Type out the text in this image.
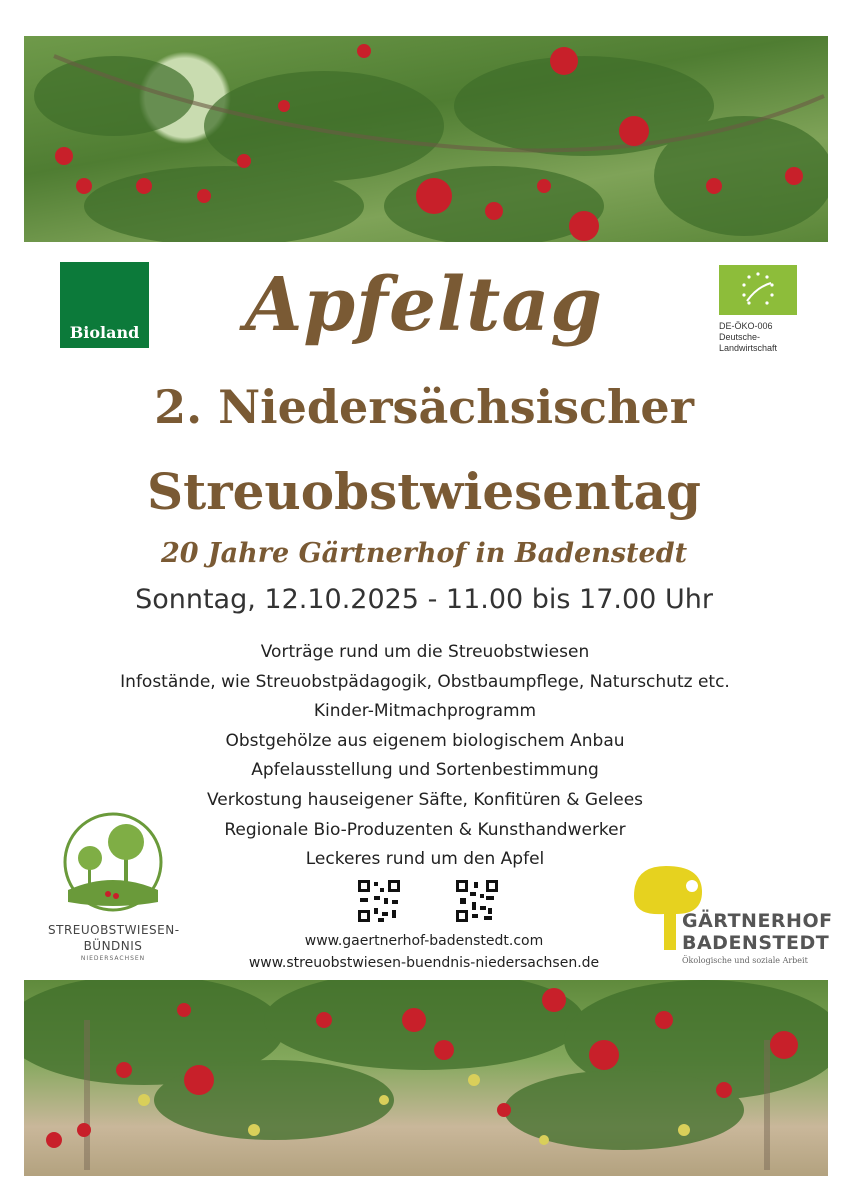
Bioland	DE-ÖKO-006
Deutsche-
Landwirtschaft
Apfeltag
2. Niedersächsischer
Streuobstwiesentag
20 Jahre Gärtnerhof in Badenstedt
Sonntag, 12.10.2025 - 11.00 bis 17.00 Uhr
Vorträge rund um die Streuobstwiesen
Infostände, wie Streuobstpädagogik, Obstbaumpflege, Naturschutz etc.
Kinder-Mitmachprogramm
Obstgehölze aus eigenem biologischem Anbau
Apfelausstellung und Sortenbestimmung
Verkostung hauseigener Säfte, Konfitüren & Gelees
Regionale Bio-Produzenten & Kunsthandwerker
Leckeres rund um den Apfel
STREUOBSTWIESEN-
BÜNDNIS
NIEDERSACHSEN
www.gaertnerhof-badenstedt.com
www.streuobstwiesen-buendnis-niedersachsen.de
GÄRTNERHOF
BADENSTEDT
Ökologische und soziale Arbeit
